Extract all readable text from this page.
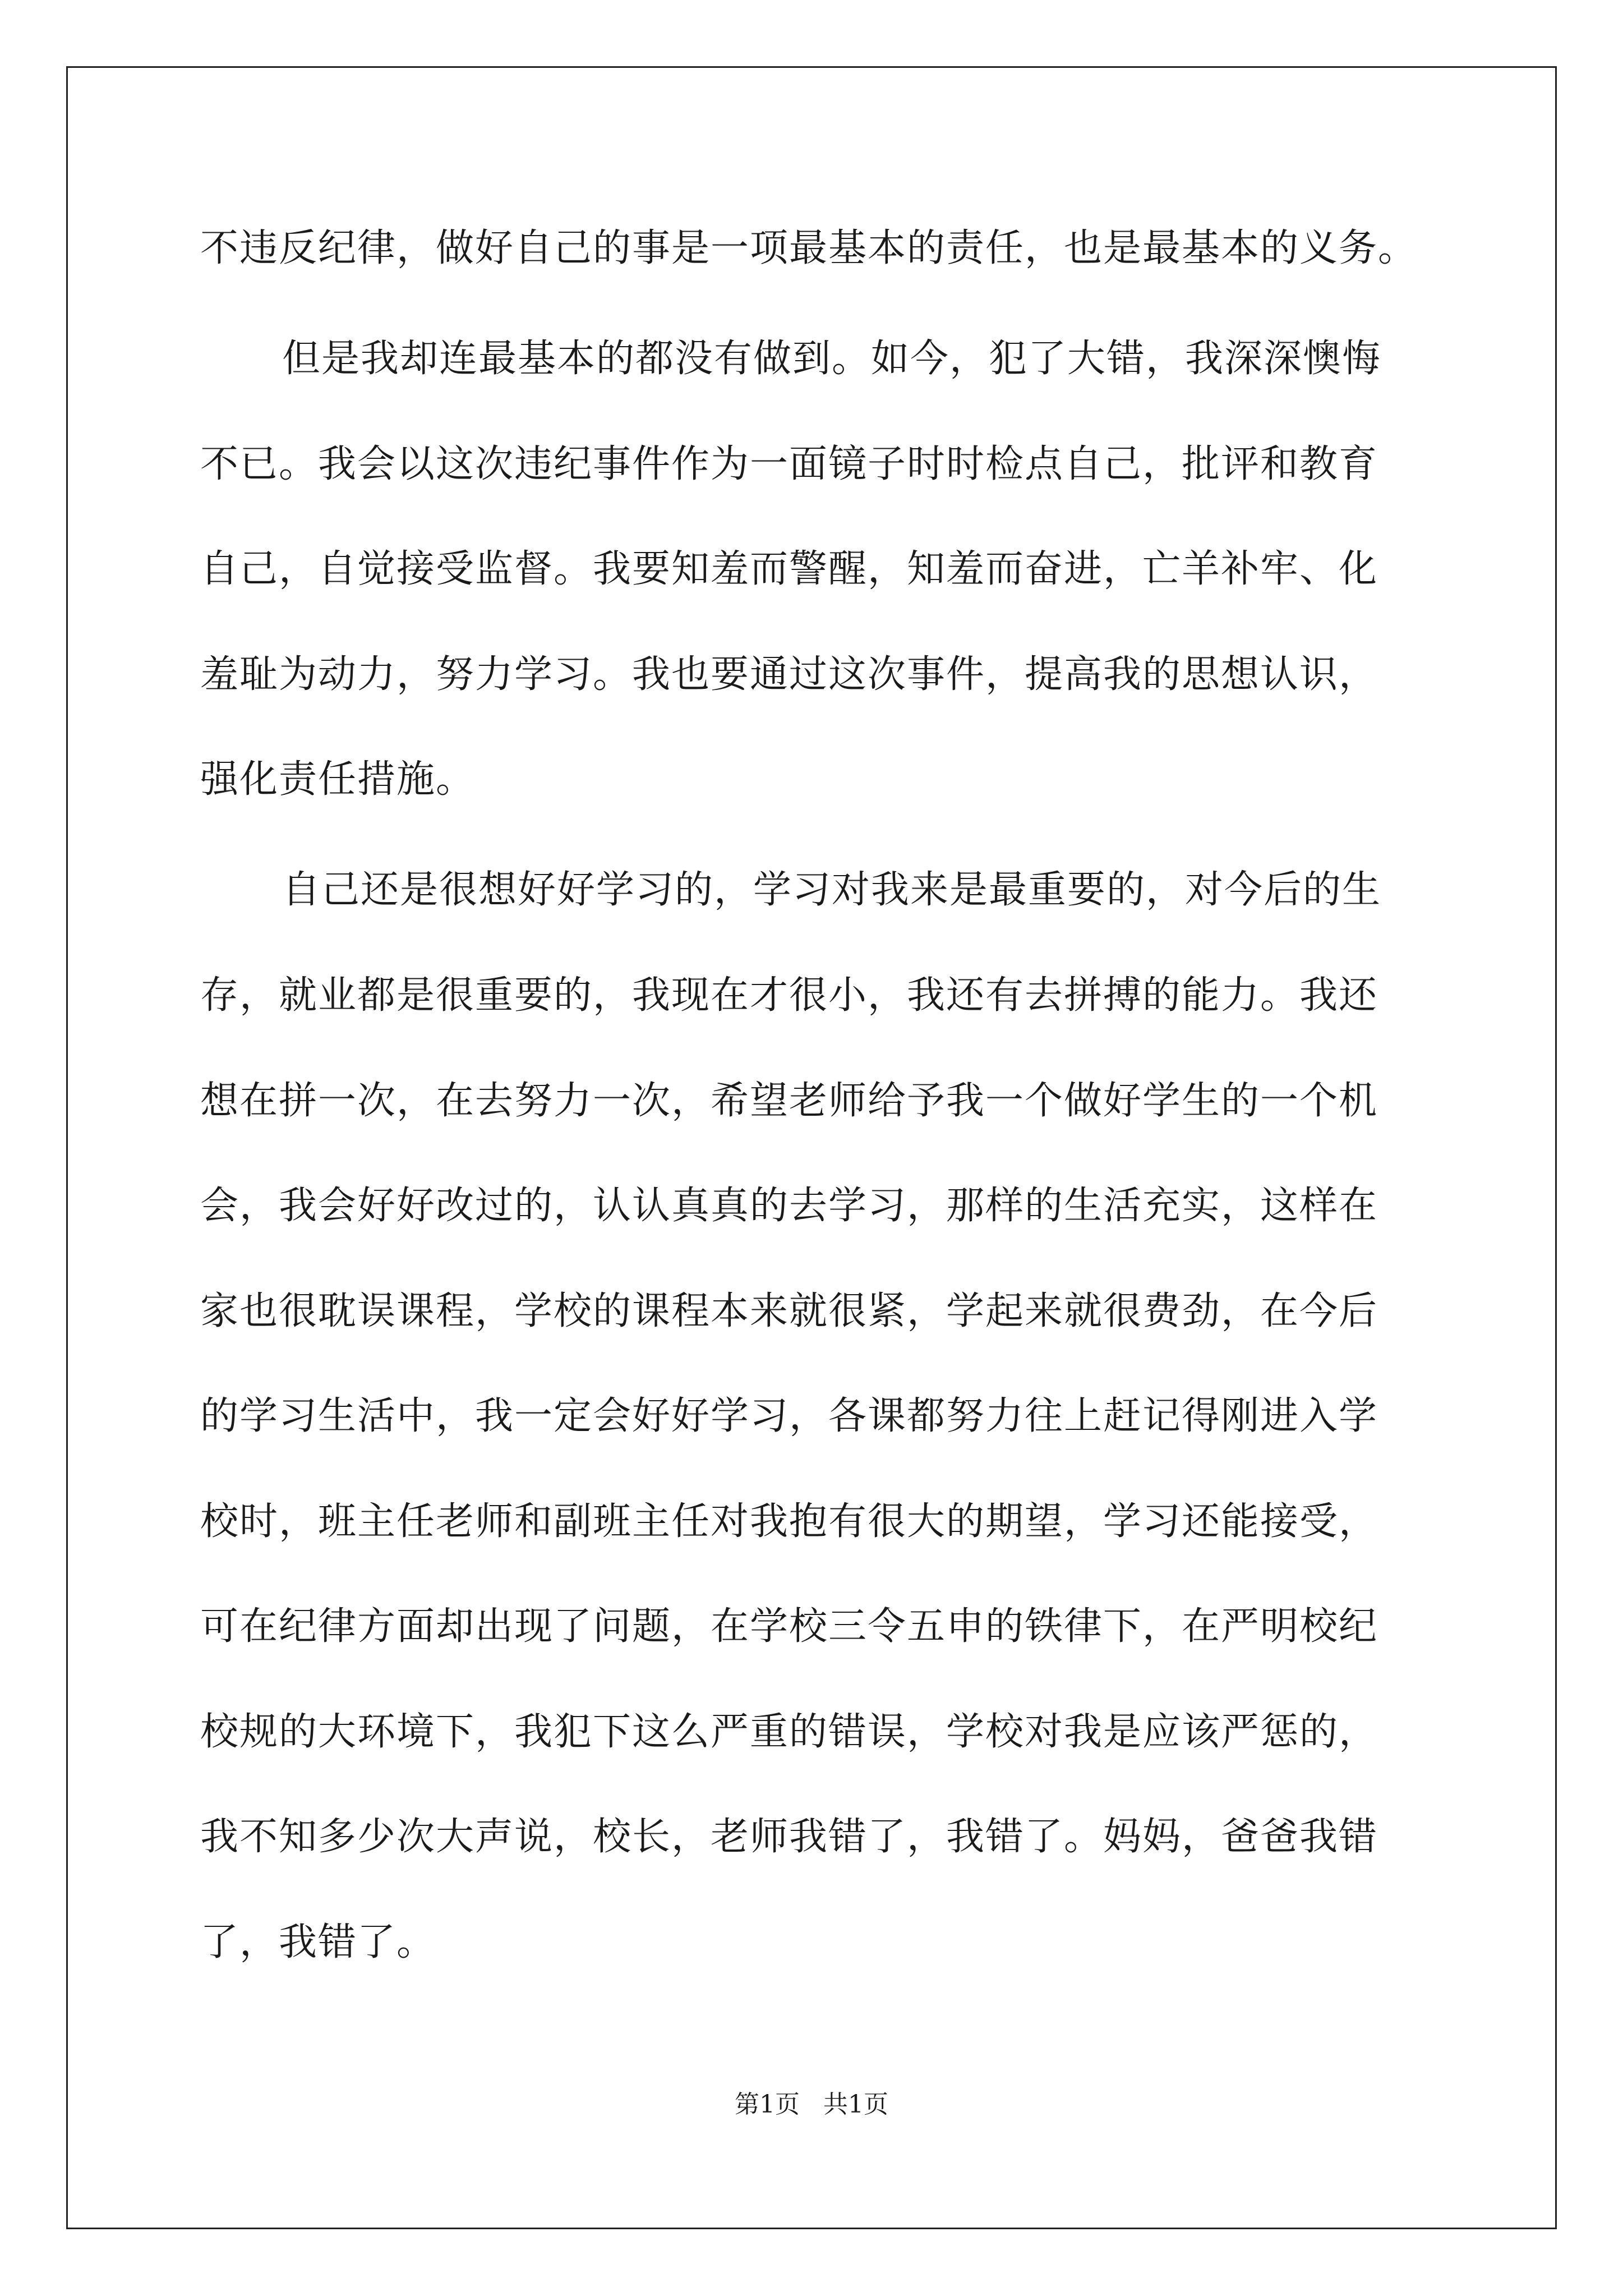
不违反纪律，做好自己的事是一项最基本的责任，也是最基本的义务。
但是我却连最基本的都没有做到。如今，犯了大错，我深深懊悔
不已。我会以这次违纪事件作为一面镜子时时检点自己，批评和教育
自己，自觉接受监督。我要知羞而警醒，知羞而奋进，亡羊补牢、化
羞耻为动力，努力学习。我也要通过这次事件，提高我的思想认识，
强化责任措施。
自己还是很想好好学习的，学习对我来是最重要的，对今后的生
存，就业都是很重要的，我现在才很小，我还有去拼搏的能力。我还
想在拼一次，在去努力一次，希望老师给予我一个做好学生的一个机
会，我会好好改过的，认认真真的去学习，那样的生活充实，这样在
家也很耽误课程，学校的课程本来就很紧，学起来就很费劲，在今后
的学习生活中，我一定会好好学习，各课都努力往上赶记得刚进入学
校时，班主任老师和副班主任对我抱有很大的期望，学习还能接受，
可在纪律方面却出现了问题，在学校三令五申的铁律下，在严明校纪
校规的大环境下，我犯下这么严重的错误，学校对我是应该严惩的，
我不知多少次大声说，校长，老师我错了，我错了。妈妈，爸爸我错
了，我错了。
第1页   共1页
